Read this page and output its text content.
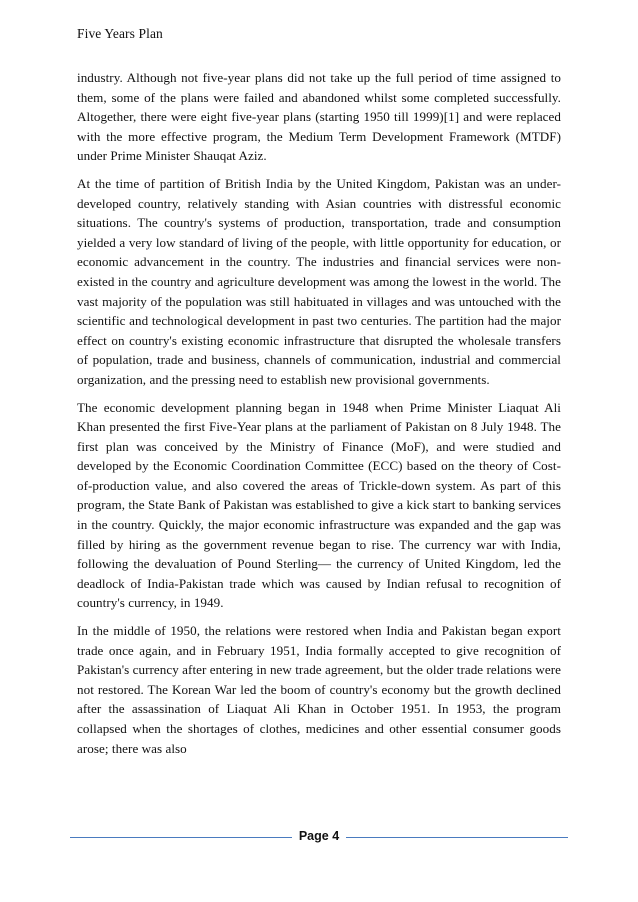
Five Years Plan

industry. Although not five-year plans did not take up the full period of time assigned to them, some of the plans were failed and abandoned whilst some completed successfully. Altogether, there were eight five-year plans (starting 1950 till 1999)[1] and were replaced with the more effective program, the Medium Term Development Framework (MTDF) under Prime Minister Shauqat Aziz.

At the time of partition of British India by the United Kingdom, Pakistan was an under-developed country, relatively standing with Asian countries with distressful economic situations. The country's systems of production, transportation, trade and consumption yielded a very low standard of living of the people, with little opportunity for education, or economic advancement in the country. The industries and financial services were non-existed in the country and agriculture development was among the lowest in the world. The vast majority of the population was still habituated in villages and was untouched with the scientific and technological development in past two centuries. The partition had the major effect on country's existing economic infrastructure that disrupted the wholesale transfers of population, trade and business, channels of communication, industrial and commercial organization, and the pressing need to establish new provisional governments.

The economic development planning began in 1948 when Prime Minister Liaquat Ali Khan presented the first Five-Year plans at the parliament of Pakistan on 8 July 1948. The first plan was conceived by the Ministry of Finance (MoF), and were studied and developed by the Economic Coordination Committee (ECC) based on the theory of Cost-of-production value, and also covered the areas of Trickle-down system. As part of this program, the State Bank of Pakistan was established to give a kick start to banking services in the country. Quickly, the major economic infrastructure was expanded and the gap was filled by hiring as the government revenue began to rise. The currency war with India, following the devaluation of Pound Sterling— the currency of United Kingdom, led the deadlock of India-Pakistan trade which was caused by Indian refusal to recognition of country's currency, in 1949.

In the middle of 1950, the relations were restored when India and Pakistan began export trade once again, and in February 1951, India formally accepted to give recognition of Pakistan's currency after entering in new trade agreement, but the older trade relations were not restored. The Korean War led the boom of country's economy but the growth declined after the assassination of Liaquat Ali Khan in October 1951. In 1953, the program collapsed when the shortages of clothes, medicines and other essential consumer goods arose; there was also

Page 4
